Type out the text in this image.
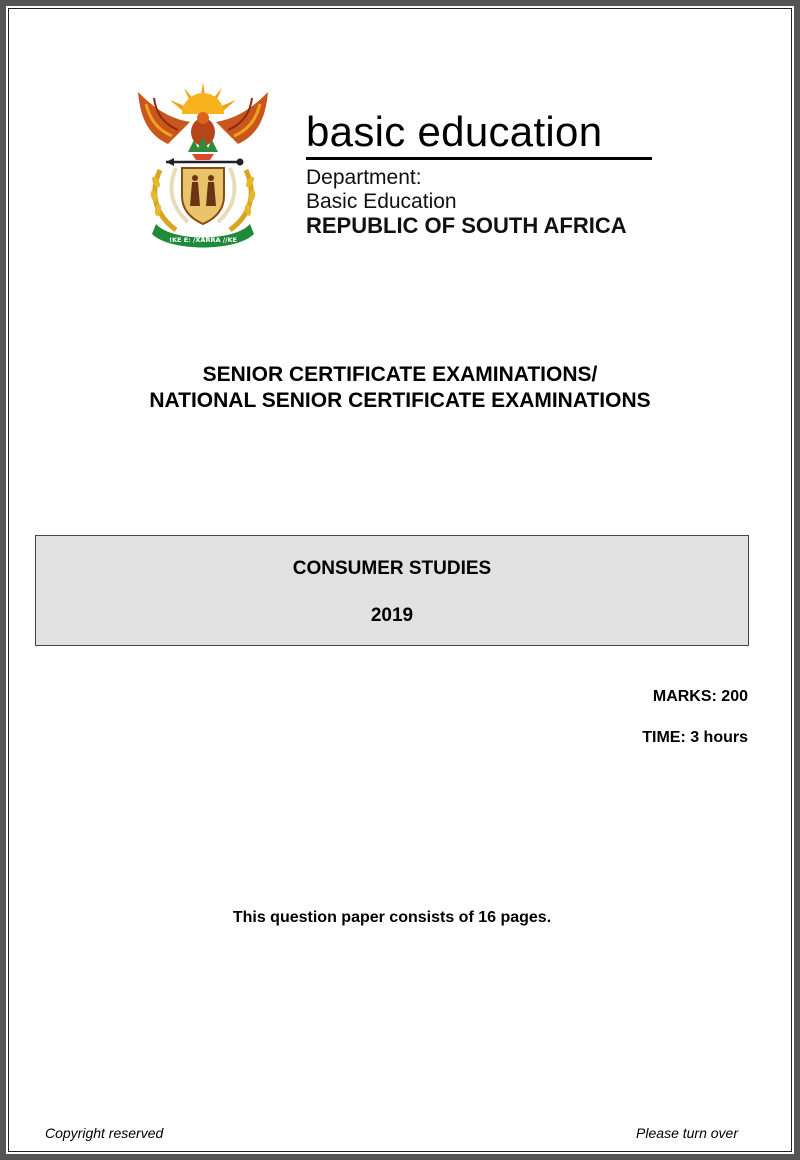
!KE E: /XARRA //KE
basic education
Department:
Basic Education
REPUBLIC OF SOUTH AFRICA
SENIOR CERTIFICATE EXAMINATIONS/
NATIONAL SENIOR CERTIFICATE EXAMINATIONS
CONSUMER STUDIES
2019
MARKS: 200
TIME: 3 hours
This question paper consists of 16 pages.
Copyright reserved	Please turn over
